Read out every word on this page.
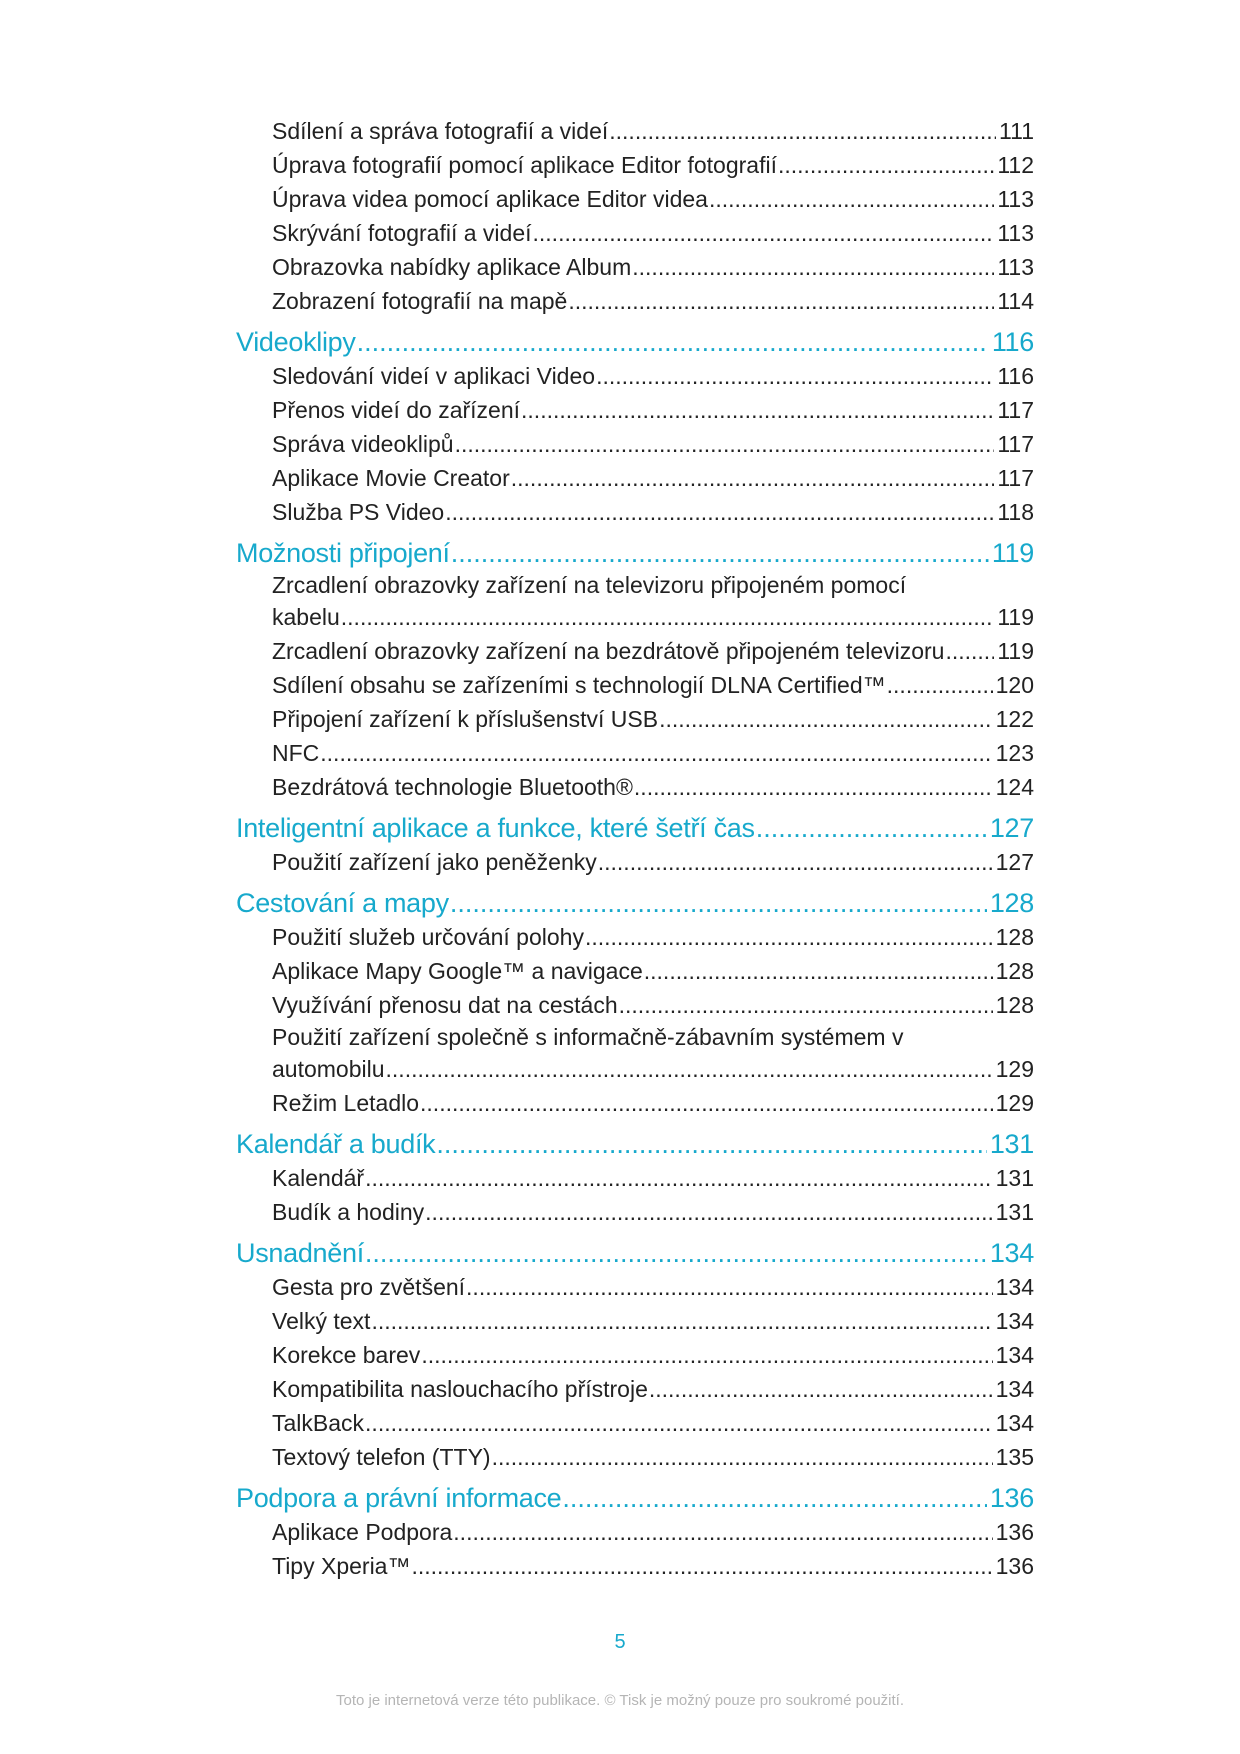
Sdílení a správa fotografií a videí .....	111
Úprava fotografií pomocí aplikace Editor fotografií .....	112
Úprava videa pomocí aplikace Editor videa .....	113
Skrývání fotografií a videí .....	113
Obrazovka nabídky aplikace Album .....	113
Zobrazení fotografií na mapě .....	114
Videoklipy .....	116
Sledování videí v aplikaci Video .....	116
Přenos videí do zařízení .....	117
Správa videoklipů .....	117
Aplikace Movie Creator .....	117
Služba PS Video .....	118
Možnosti připojení .....	119
Zrcadlení obrazovky zařízení na televizoru připojeném pomocí
kabelu .....	119
Zrcadlení obrazovky zařízení na bezdrátově připojeném televizoru ..... 119
Sdílení obsahu se zařízeními s technologií DLNA Certified™ .....	120
Připojení zařízení k příslušenství USB .....	122
NFC .....	123
Bezdrátová technologie Bluetooth® .....	124
Inteligentní aplikace a funkce, které šetří čas .....	127
Použití zařízení jako peněženky .....	127
Cestování a mapy .....	128
Použití služeb určování polohy .....	128
Aplikace Mapy Google™ a navigace .....	128
Využívání přenosu dat na cestách .....	128
Použití zařízení společně s informačně-zábavním systémem v
automobilu .....	129
Režim Letadlo .....	129
Kalendář a budík .....	131
Kalendář .....	131
Budík a hodiny .....	131
Usnadnění .....	134
Gesta pro zvětšení .....	134
Velký text .....	134
Korekce barev .....	134
Kompatibilita naslouchacího přístroje .....	134
TalkBack .....	134
Textový telefon (TTY) .....	135
Podpora a právní informace .....	136
Aplikace Podpora .....	136
Tipy Xperia™ .....	136
5
Toto je internetová verze této publikace. © Tisk je možný pouze pro soukromé použití.
